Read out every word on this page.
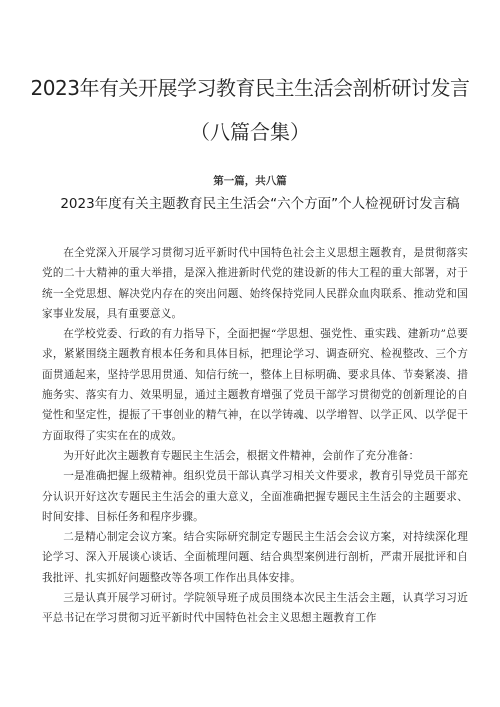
2023年有关开展学习教育民主生活会剖析研讨发言
（八篇合集）
第一篇，共八篇
2023年度有关主题教育民主生活会“六个方面”个人检视研讨发言稿

在全党深入开展学习贯彻习近平新时代中国特色社会主义思想主题教育，是贯彻落实党的二十大精神的重大举措，是深入推进新时代党的建设新的伟大工程的重大部署，对于统一全党思想、解决党内存在的突出问题、始终保持党同人民群众血肉联系、推动党和国家事业发展，具有重要意义。

在学校党委、行政的有力指导下，全面把握“学思想、强党性、重实践、建新功”总要求，紧紧围绕主题教育根本任务和具体目标，把理论学习、调查研究、检视整改、三个方面贯通起来，坚持学思用贯通、知信行统一，整体上目标明确、要求具体、节奏紧凑、措施务实、落实有力、效果明显，通过主题教育增强了党员干部学习贯彻党的创新理论的自觉性和坚定性，提振了干事创业的精气神，在以学铸魂、以学增智、以学正风、以学促干方面取得了实实在在的成效。

为开好此次主题教育专题民主生活会，根据文件精神，会前作了充分准备：

一是准确把握上级精神。组织党员干部认真学习相关文件要求，教育引导党员干部充分认识开好这次专题民主生活会的重大意义，全面准确把握专题民主生活会的主题要求、时间安排、目标任务和程序步骤。

二是精心制定会议方案。结合实际研究制定专题民主生活会会议方案，对持续深化理论学习、深入开展谈心谈话、全面梳理问题、结合典型案例进行剖析，严肃开展批评和自我批评、扎实抓好问题整改等各项工作作出具体安排。

三是认真开展学习研讨。学院领导班子成员围绕本次民主生活会主题，认真学习习近平总书记在学习贯彻习近平新时代中国特色社会主义思想主题教育工作
